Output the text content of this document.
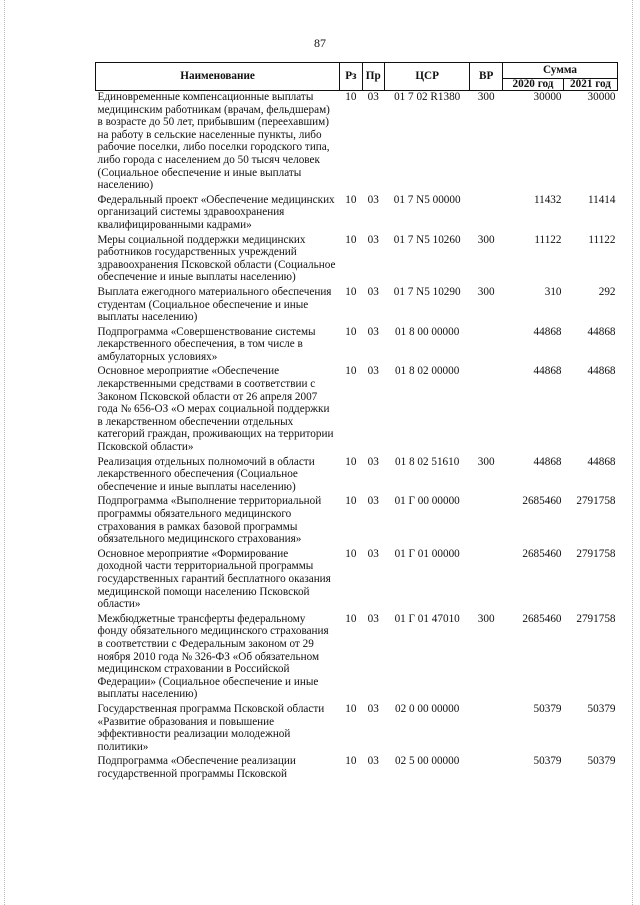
87
Наименование	Рз	Пр	ЦСР	ВР	Сумма	
					2020 год	2021 год
Единовременные компенсационные выплаты медицинским работникам (врачам, фельдшерам) в возрасте до 50 лет, прибывшим (переехавшим) на работу в сельские населенные пункты, либо рабочие поселки, либо поселки городского типа, либо города с населением до 50 тысяч человек (Социальное обеспечение и иные выплаты населению)	10	03	01 7 02 R1380	300	30000	30000
Федеральный проект «Обеспечение медицинских организаций системы здравоохранения квалифицированными кадрами»	10	03	01 7 N5 00000		11432	11414
Меры социальной поддержки медицинских работников государственных учреждений здравоохранения Псковской области (Социальное обеспечение и иные выплаты населению)	10	03	01 7 N5 10260	300	11122	11122
Выплата ежегодного материального обеспечения студентам (Социальное обеспечение и иные выплаты населению)	10	03	01 7 N5 10290	300	310	292
Подпрограмма «Совершенствование системы лекарственного обеспечения, в том числе в амбулаторных условиях»	10	03	01 8 00 00000		44868	44868
Основное мероприятие «Обеспечение лекарственными средствами в соответствии с Законом Псковской области от 26 апреля 2007 года № 656-ОЗ «О мерах социальной поддержки в лекарственном обеспечении отдельных категорий граждан, проживающих на территории Псковской области»	10	03	01 8 02 00000		44868	44868
Реализация отдельных полномочий в области лекарственного обеспечения (Социальное обеспечение и иные выплаты населению)	10	03	01 8 02 51610	300	44868	44868
Подпрограмма «Выполнение территориальной программы обязательного медицинского страхования в рамках базовой программы обязательного медицинского страхования»	10	03	01 Г 00 00000		2685460	2791758
Основное мероприятие «Формирование доходной части территориальной программы государственных гарантий бесплатного оказания медицинской помощи населению Псковской области»	10	03	01 Г 01 00000		2685460	2791758
Межбюджетные трансферты федеральному фонду обязательного медицинского страхования в соответствии с Федеральным законом от 29 ноября 2010 года № 326-ФЗ «Об обязательном медицинском страховании в Российской Федерации» (Социальное обеспечение и иные выплаты населению)	10	03	01 Г 01 47010	300	2685460	2791758
Государственная программа Псковской области «Развитие образования и повышение эффективности реализации молодежной политики»	10	03	02 0 00 00000		50379	50379
Подпрограмма «Обеспечение реализации государственной программы Псковской	10	03	02 5 00 00000		50379	50379
